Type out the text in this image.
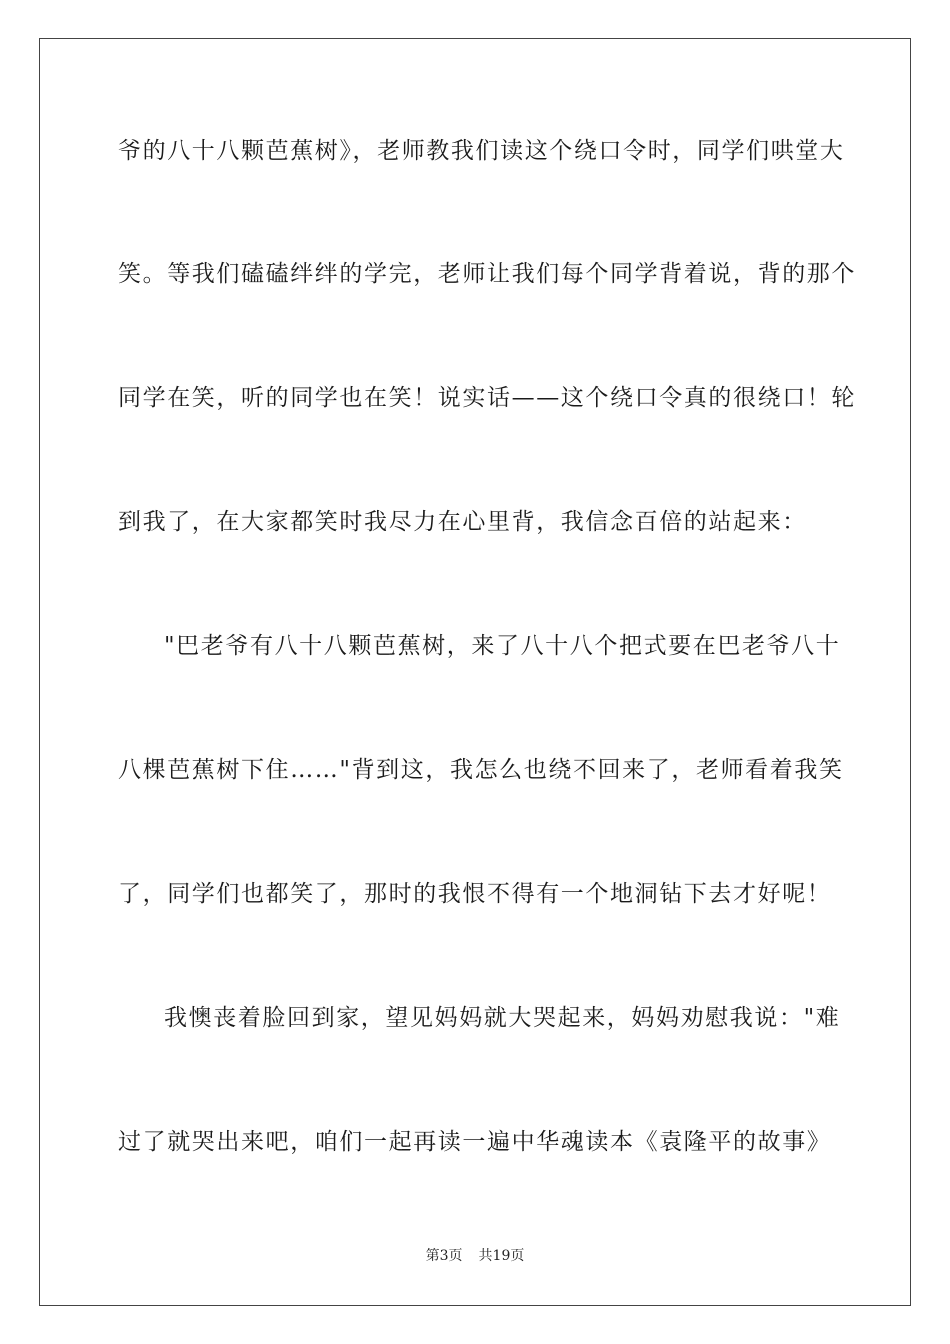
爷的八十八颗芭蕉树》，老师教我们读这个绕口令时，同学们哄堂大
笑。等我们磕磕绊绊的学完，老师让我们每个同学背着说，背的那个
同学在笑，听的同学也在笑！说实话——这个绕口令真的很绕口！轮
到我了，在大家都笑时我尽力在心里背，我信念百倍的站起来：
"巴老爷有八十八颗芭蕉树，来了八十八个把式要在巴老爷八十
八棵芭蕉树下住……"背到这，我怎么也绕不回来了，老师看着我笑
了，同学们也都笑了，那时的我恨不得有一个地洞钻下去才好呢！
我懊丧着脸回到家，望见妈妈就大哭起来，妈妈劝慰我说："难
过了就哭出来吧，咱们一起再读一遍中华魂读本《袁隆平的故事》
第3页 共19页
